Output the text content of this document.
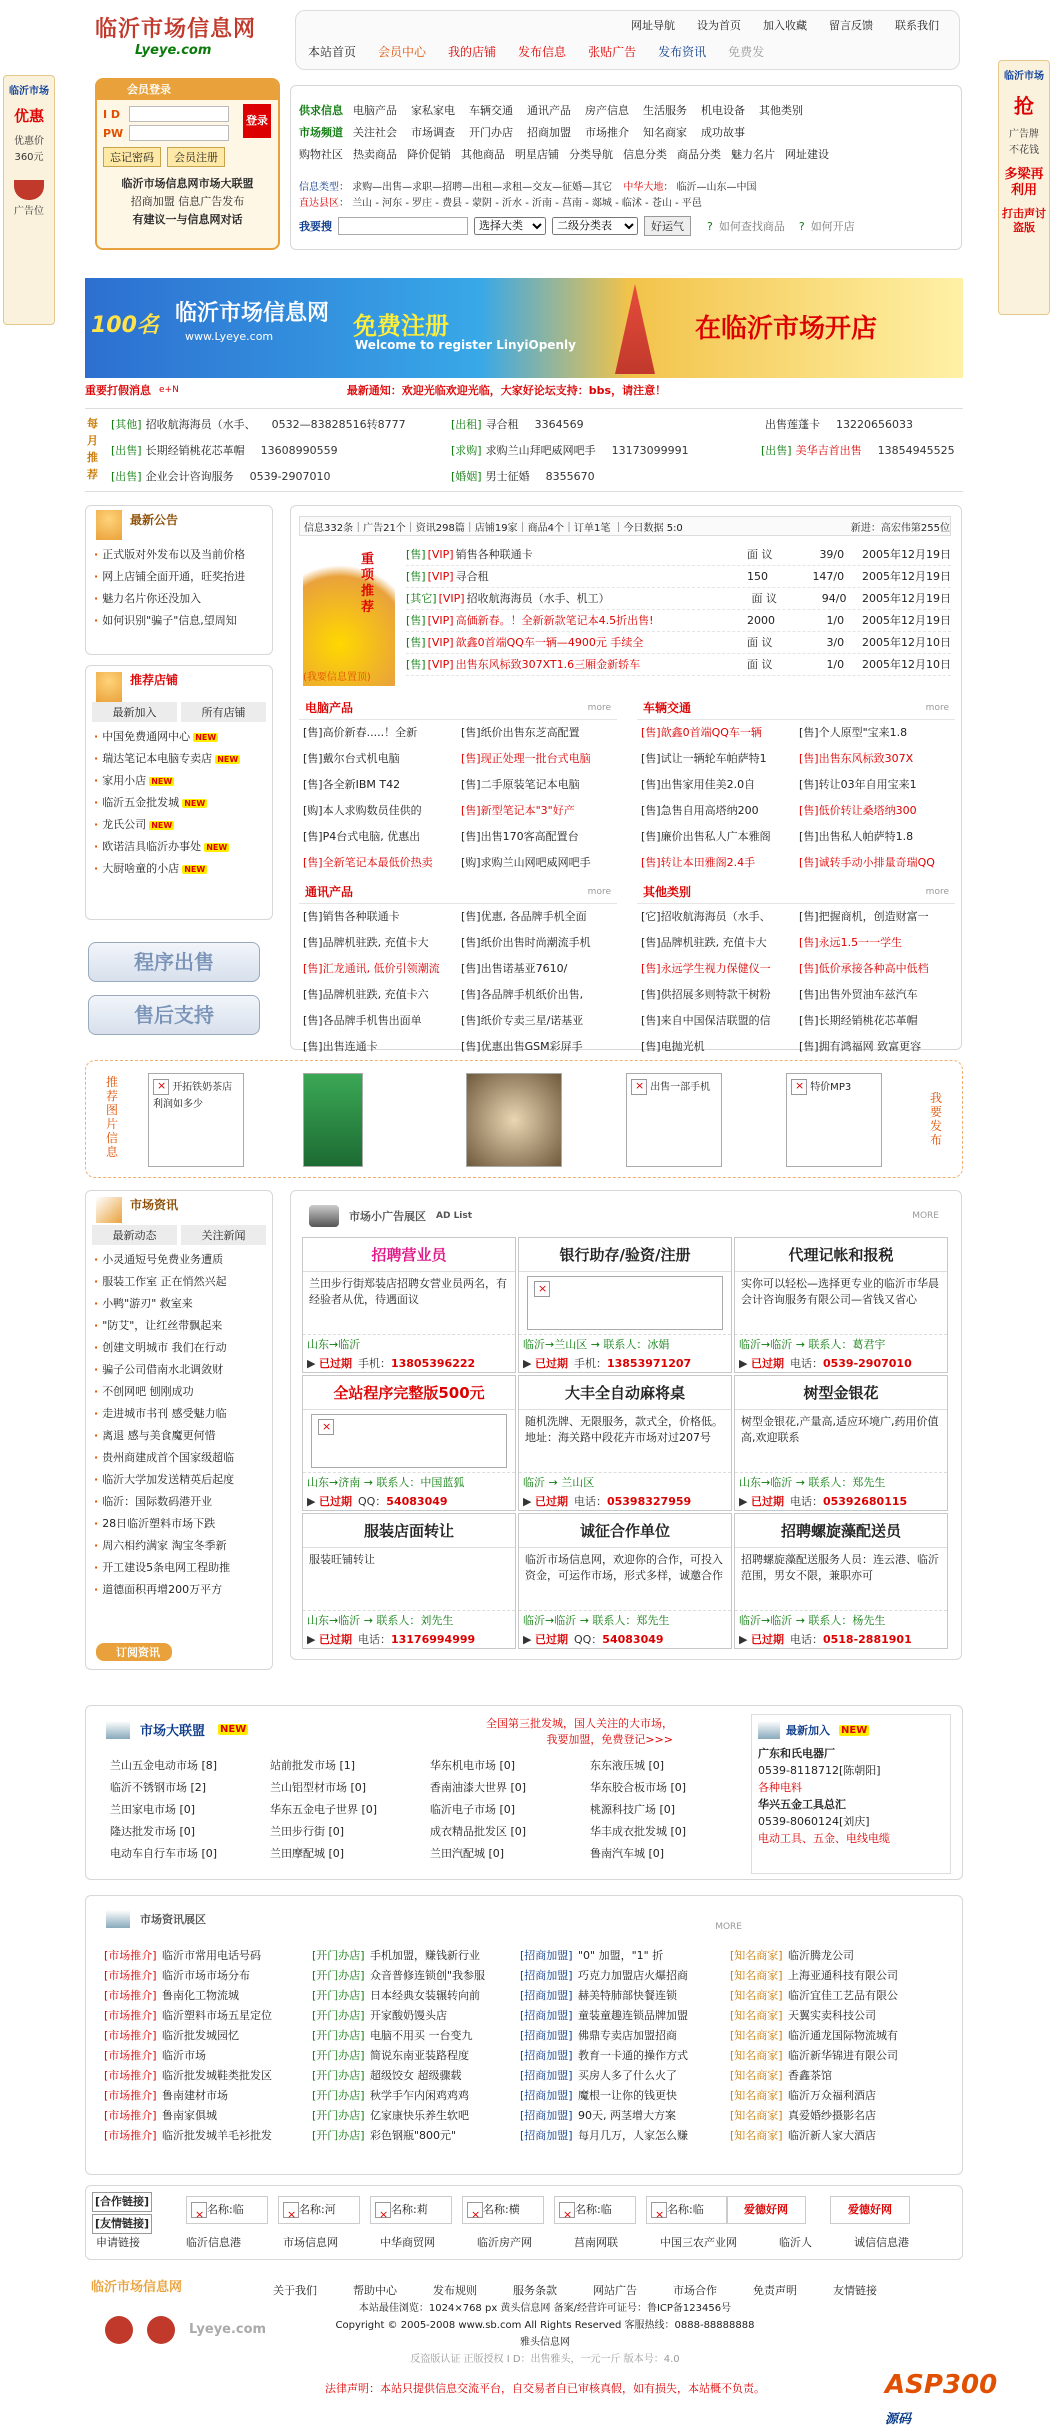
临沂市场
优惠
优惠价
360元
广告位
临沂市场
抢
广告牌
不花钱
多梁再利用
打击声讨盗版
临沂市场信息网
Lyeye.com
网址导航 设为首页 加入收藏 留言反馈 联系我们
本站首页 会员中心 我的店铺 发布信息 张贴广告 发布资讯 免费发
会员登录
I D	登录
PW
忘记密码	会员注册
临沂市场信息网市场大联盟
招商加盟 信息广告发布
有建议一与信息网对话
供求信息 电脑产品 家私家电 车辆交通 通讯产品 房产信息 生活服务 机电设备 其他类别
市场频道 关注社会 市场调查 开门办店 招商加盟 市场推介 知名商家 成功故事
购物社区 热卖商品 降价促销 其他商品 明星店铺 分类导航 信息分类 商品分类 魅力名片 网址建设
信息类型： 求购—出售—求职—招聘—出租—求租—交友—征婚—其它 中华大地： 临沂—山东—中国
直达县区： 兰山 - 河东 - 罗庄 - 费县 - 蒙阴 - 沂水 - 沂南 - 莒南 - 郯城 - 临沭 - 苍山 - 平邑
我要搜
选择大类
二级分类表	好运气	? 如何查找商品 ? 如何开店
100名 临沂市场信息网
www.Lyeye.com	免费注册
Welcome to register LinyiOpenly
在临沂市场开店
重要打假消息 e+N	最新通知：欢迎光临欢迎光临，大家好论坛支持：bbs，请注意！
每月推荐
[其他] 招收航海海员（水手、 0532—83828516转8777	[出租] 寻合租 3364569	出售莲蓬卡 13220656033
[出售] 长期经销桃花芯革帽 13608990559	[求购] 求购兰山拜吧威网吧手 13173099991	[出售] 美华吉首出售 13854945525
[出售] 企业会计咨询服务 0539-2907010	[婚姻] 男士征婚 8355670
最新公告
· 正式版对外发布以及当前价格
· 网上店铺全面开通，旺奖抬进
· 魅力名片你还没加入
· 如何识别"骗子"信息,望周知
推荐店铺
最新加入	所有店铺
· 中国免费通网中心 NEW
· 瑞达笔记本电脑专卖店 NEW
· 家用小店 NEW
· 临沂五金批发城 NEW
· 龙氏公司 NEW
· 欧诺洁具临沂办事处 NEW
· 大厨啥童的小店 NEW
程序出售
售后支持
信息332条｜广告21个｜资讯298篇｜店铺19家｜商品4个｜订单1笔 ｜今日数据 5:0	新进：高宏伟第255位
重项推荐
(我要信息置顶)
[售] [VIP] 销售各种联通卡	面 议	39/0	2005年12月19日
[售] [VIP] 寻合租	150	147/0	2005年12月19日
[其它] [VIP] 招收航海海员（水手、机工）	面 议	94/0	2005年12月19日
[售] [VIP] 高価新春。！全新新款笔记本4.5折出售!	2000	1/0	2005年12月19日
[售] [VIP] 歆鑫0首端QQ车一辆—4900元 手续全	面 议	3/0	2005年12月10日
[售] [VIP] 出售东风标致307XT1.6三厢金新轿车	面 议	1/0	2005年12月10日
电脑产品	more
[售]高价新春.....！全新	[售]纸价出售东芝高配置
[售]戴尔台式机电脑	[售]现正处理一批台式电脑
[售]各全新IBM T42	[售]二手原装笔记本电脑
[购]本人求购数员佳供的	[售]新型笔记本"3"好产
[售]P4台式电脑, 优惠出	[售]出售170客高配置台
[售]全新笔记本最低价热卖	[购]求购兰山网吧威网吧手
车辆交通	more
[售]歆鑫0首端QQ车一辆	[售]个人原型"宝来1.8
[售]试让一辆轮车帕萨特1	[售]出售东风标致307X
[售]出售家用佳美2.0自	[售]转让03年自用宝来1
[售]急售自用高塔纳200	[售]低价转让桑塔纳300
[售]廉价出售私人广本雅阁	[售]出售私人帕萨特1.8
[售]转让本田雅阁2.4手	[售]诚转手动小排量奇瑞QQ
通讯产品	more
[售]销售各种联通卡	[售]优惠, 各品牌手机全面
[售]品牌机驻跌, 充值卡大	[售]纸价出售时尚潮流手机
[售]汇龙通讯, 低价引领潮流	[售]出售诺基亚7610/
[售]品牌机驻跌, 充值卡六	[售]各品牌手机纸价出售,
[售]各品牌手机售出面单	[售]纸价专卖三星/诺基亚
[售]出售连通卡	[售]优惠出售GSM彩屏手
其他类别	more
[它]招收航海海员（水手、	[售]把握商机，创造财富一
[售]品牌机驻跌, 充值卡大	[售]永远1.5一一学生
[售]永远学生视力保健仪一	[售]低价承接各种高中低档
[售]供招展多则特款干树粉	[售]出售外贸油车兹汽车
[售]来自中国保洁联盟的信	[售]长期经销桃花芯革帽
[售]电抛光机	[售]拥有鸿福网 致富更容
推荐图片信息
我要发布
× 开拓铁奶茶店利润如多少
× 出售一部手机 ×	特价MP3
市场资讯
最新动态	关注新闻
· 小灵通短号免费业务遭质
· 服装工作室 正在悄然兴起
· 小鸭"游刃" 救室来
· "防艾"，让红丝带飘起来
· 创建文明城市 我们在行动
· 骗子公司借南水北调敛财
· 不创网吧 刨刚成功
· 走进城市书刊 感受魅力临
· 离退 感与美食魔更何惜
· 贵州商建成首个国家级超临
· 临沂大学加发送精英后起度
· 临沂：国际数码港开业
· 28日临沂塑料市场下跌
· 周六相约满家 淘宝冬季新
· 开工建设5条电网工程助推
· 道德面积再增200万平方
订阅资讯
市场小广告展区 AD List	MORE
招聘营业员
兰田步行街郑装店招聘女营业员两名，有经验者从优，待遇面议
山东→临沂
▶ 已过期 手机：13805396222
银行助存/验资/注册
×
临沂→兰山区 → 联系人：冰娟
▶ 已过期 手机：13853971207
代理记帐和报税
实你可以轻松—选择更专业的临沂市华晨会计咨询服务有限公司—省钱又省心
临沂→临沂 → 联系人：葛君宇
▶ 已过期 电话：0539-2907010
全站程序完整版500元
×
山东→济南 → 联系人：中国蓝狐
▶ 已过期 QQ：54083049
大丰全自动麻将桌
随机洗牌、无限服务，款式全，价格低。地址：海关路中段花卉市场对过207号
临沂 → 兰山区
▶ 已过期 电话：05398327959
树型金银花
树型金银花,产量高,适应环境广,药用价值高,欢迎联系
山东→临沂 → 联系人：郑先生
▶ 已过期 电话：05392680115
服装店面转让
服装旺铺转让
山东→临沂 → 联系人：刘先生
▶ 已过期 电话：13176994999
诚征合作单位
临沂市场信息网，欢迎你的合作，可投入资金，可运作市场，形式多样，诚邀合作
临沂→临沂 → 联系人：郑先生
▶ 已过期 QQ：54083049
招聘螺旋藻配送员
招聘螺旋藻配送服务人员：连云港、临沂范围，男女不限，兼职亦可
临沂→临沂 → 联系人：杨先生
▶ 已过期 电话：0518-2881901
市场大联盟 NEW	全国第三批发城，国人关注的大市场，
我要加盟，免费登记>>>
兰山五金电动市场 [8]	站前批发市场 [1]	华东机电市场 [0]	东东液压城 [0]
临沂不锈钢市场 [2]	兰山铝型材市场 [0]	香南油漆大世界 [0]	华东胶合板市场 [0]
兰田家电市场 [0]	华东五金电子世界 [0]	临沂电子市场 [0]	桃源科技广场 [0]
隆达批发市场 [0]	兰田步行街 [0]	成衣精品批发区 [0]	华丰成衣批发城 [0]
电动车自行车市场 [0]	兰田摩配城 [0]	兰田汽配城 [0]	鲁南汽车城 [0]
最新加入 NEW
广东和氏电器厂
0539-8118712[陈朝阳]
各种电料
华兴五金工具总汇
0539-8060124[刘庆]
电动工具、五金、电线电缆
市场资讯展区
MORE
[市场推介] 临沂市常用电话号码	[开门办店] 手机加盟，赚钱新行业	[招商加盟] "0" 加盟，"1" 折	[知名商家] 临沂腾龙公司
[市场推介] 临沂市场市场分布	[开门办店] 众音普修连锁创"我参服	[招商加盟] 巧克力加盟店火爆招商	[知名商家] 上海亚通科技有限公司
[市场推介] 鲁南化工物流城	[开门办店] 日本经典女装辗转向前	[招商加盟] 赫美特肺部快餐连锁	[知名商家] 临沂宜佳工艺品有限公
[市场推介] 临沂塑料市场五星定位	[开门办店] 开家酸奶馒头店	[招商加盟] 童装童趣连锁品牌加盟	[知名商家] 天翼实卖科技公司
[市场推介] 临沂批发城园忆	[开门办店] 电脑不用买 一台变九	[招商加盟] 佛鼎专卖店加盟招商	[知名商家] 临沂通龙国际物流城有
[市场推介] 临沂市场	[开门办店] 简说东南亚装路程度	[招商加盟] 教育一卡通的操作方式	[知名商家] 临沂新华锦进有限公司
[市场推介] 临沂批发城鞋类批发区	[开门办店] 超级饺女 超级骤载	[招商加盟] 买房人多了什么火了	[知名商家] 香鑫茶馆
[市场推介] 鲁南建材市场	[开门办店] 秋学手乍内闲鸡鸡鸡	[招商加盟] 魔根一让你的钱更快	[知名商家] 临沂万众福利酒店
[市场推介] 鲁南家俱城	[开门办店] 亿家康快乐养生软吧	[招商加盟] 90天, 两茎增大方案	[知名商家] 真爱婚纱摄影名店
[市场推介] 临沂批发城羊毛衫批发	[开门办店] 彩色钢瓶"800元"	[招商加盟] 每月几万，人家怎么赚	[知名商家] 临沂新人家大酒店
[合作链接]
[友情链接]
申请链接
×名称:临 ×	名称:河 ×	名称:莉 ×	名称:横 ×	名称:临 ×	名称:临	爱德好网	爱德好网
临沂信息港	市场信息网	中华商贸网	临沂房产网	莒南网联	中国三农产业网	临沂人	诚信信息港
临沂市场信息网
Lyeye.com
关于我们	帮助中心	发布规则	服务条款	网站广告	市场合作	免责声明	友情链接
本站最佳浏览：1024×768 px 黄头信息网 备案/经营许可证号：鲁ICP备123456号
Copyright © 2005-2008 www.sb.com All Rights Reserved 客服热线：0888-88888888
雅头信息网
反盗版认证 正版授权 I D：出售雅头，一元一斤 版本号：4.0
法律声明：本站只提供信息交流平台，自交易者自已审核真假，如有损失，本站概不负责。	ASP300源码
